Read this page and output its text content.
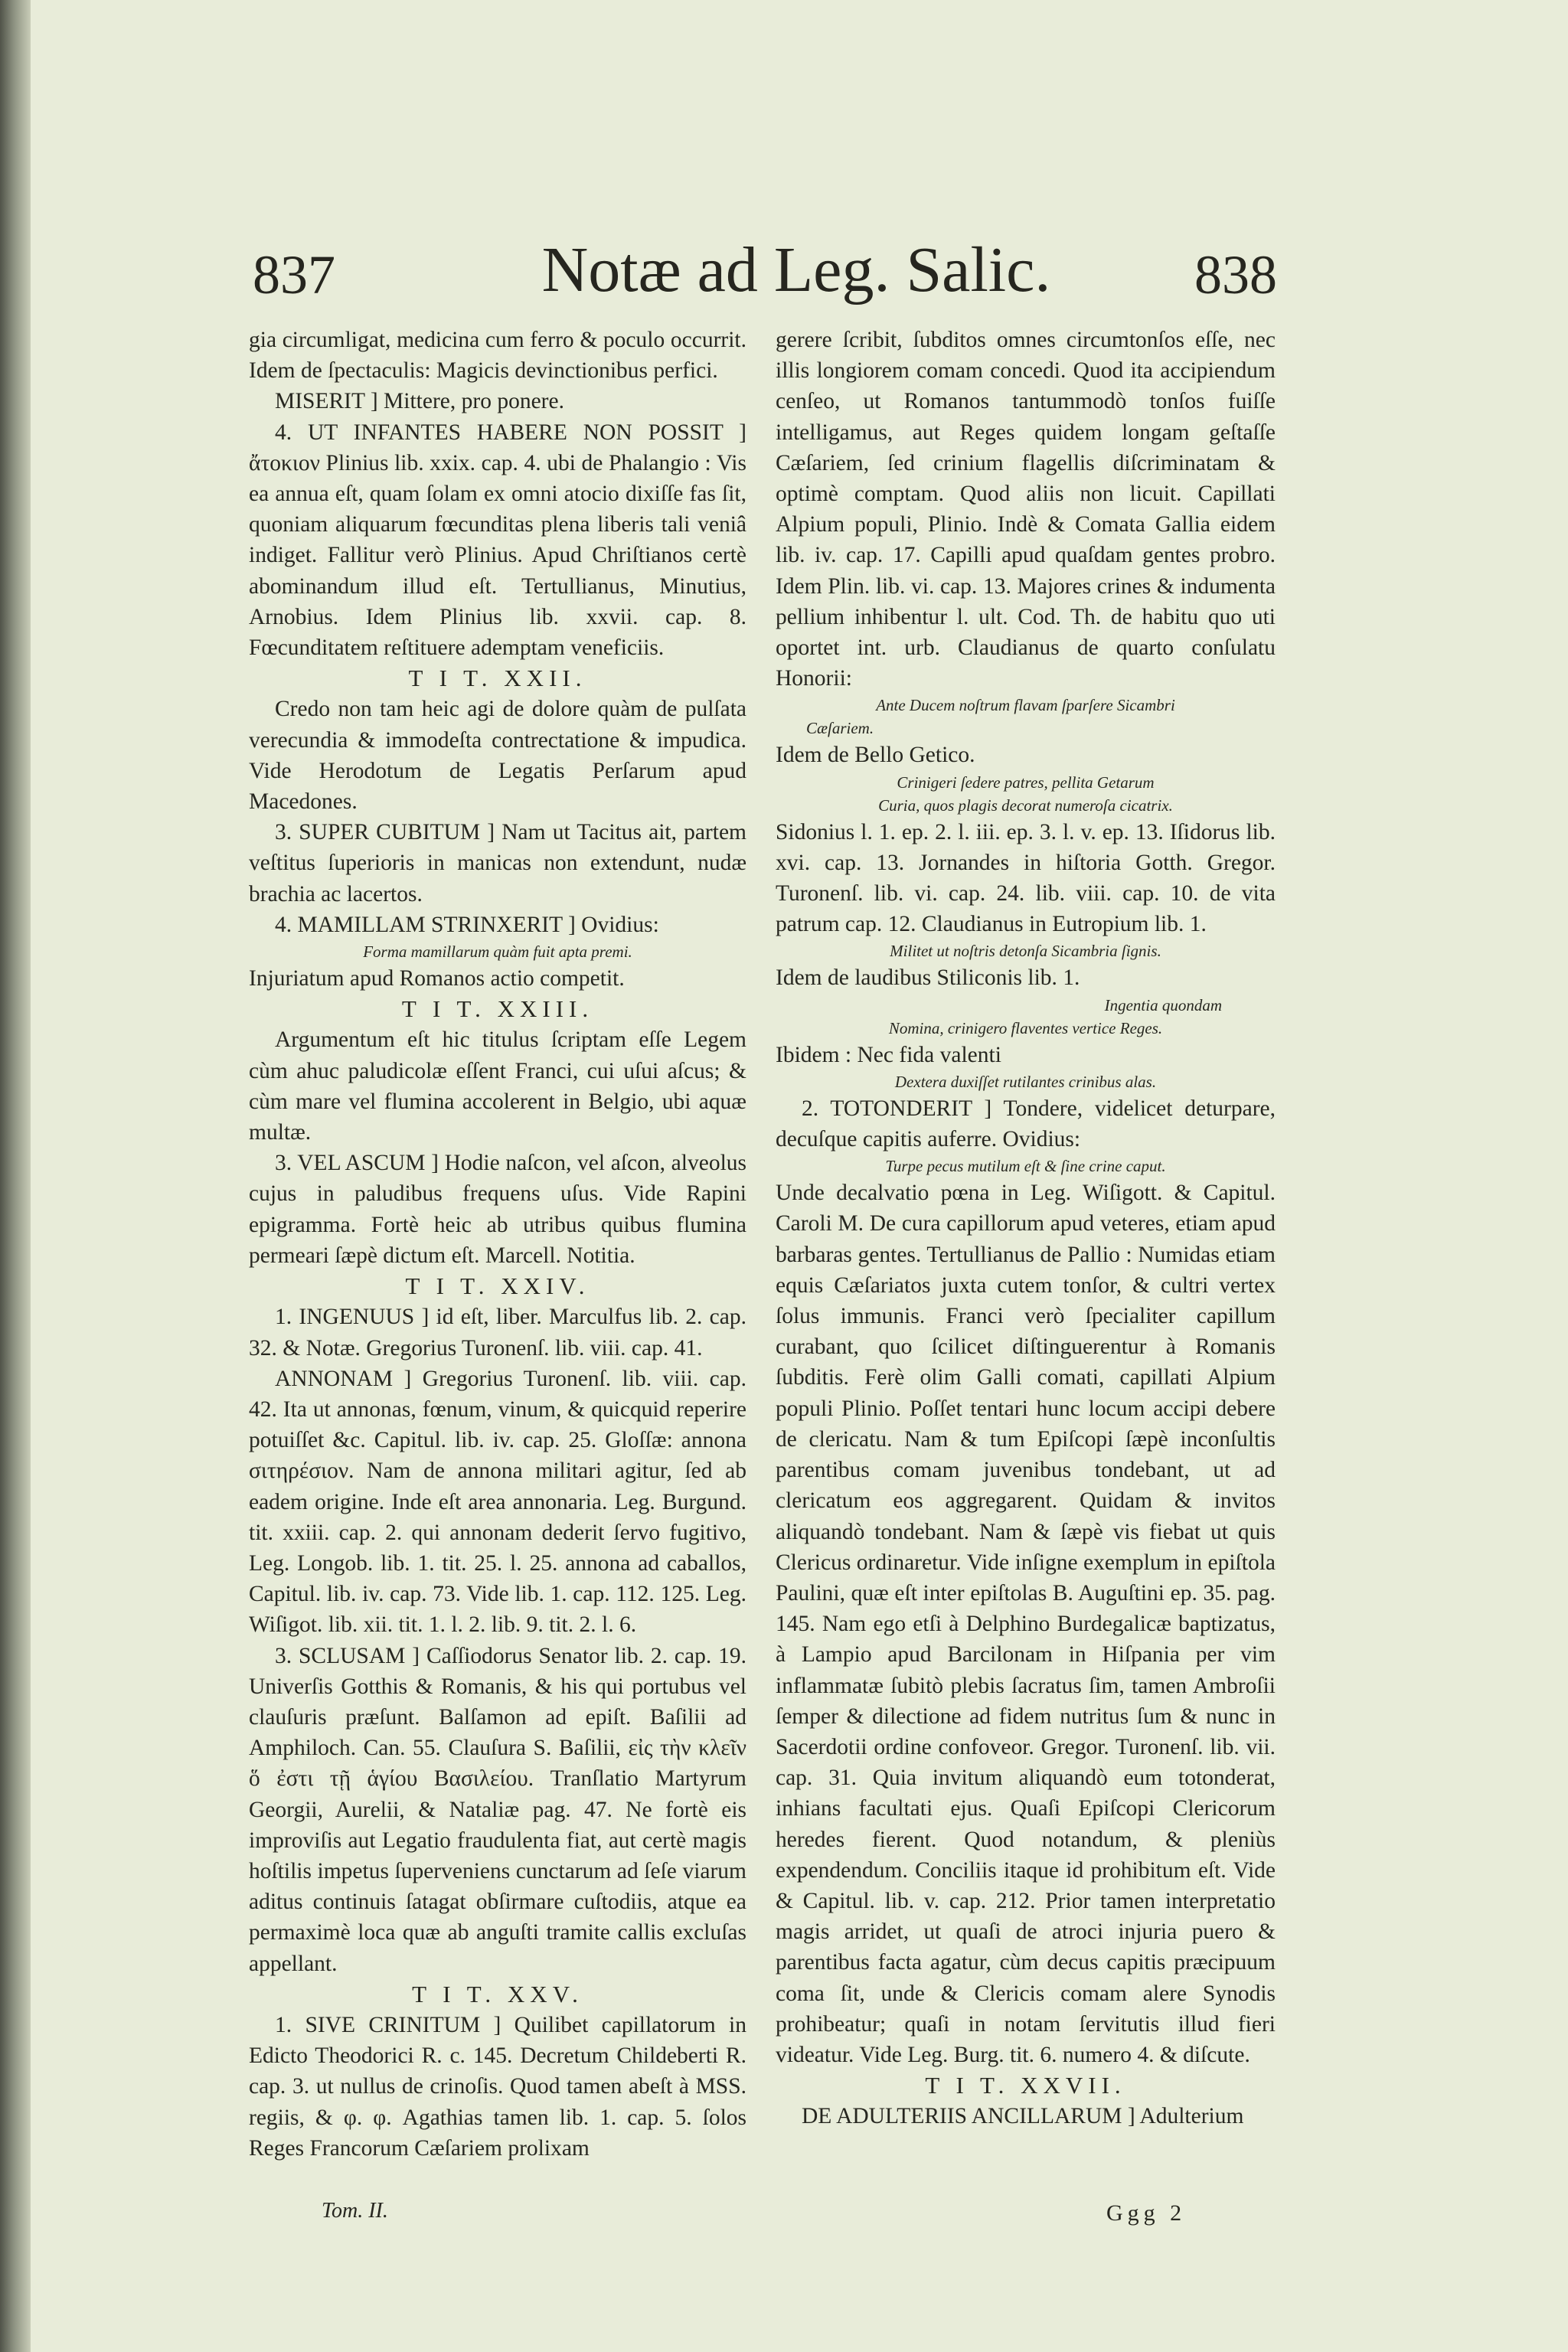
837	Notæ ad Leg. Salic.	838

gia circumligat, medicina cum ferro & poculo occurrit. Idem de ſpectaculis: Magicis devinctionibus perfici.

MISERIT ] Mittere, pro ponere.

4. UT INFANTES HABERE NON POSSIT ] ἄτοκιον Plinius lib. xxix. cap. 4. ubi de Phalangio : Vis ea annua eſt, quam ſolam ex omni atocio dixiſſe fas ſit, quoniam aliquarum fœcunditas plena liberis tali veniâ indiget. Fallitur verò Plinius. Apud Chriſtianos certè abominandum illud eſt. Tertullianus, Minutius, Arnobius. Idem Plinius lib. xxvii. cap. 8. Fœcunditatem reſtituere ademptam veneficiis.

T I T. XXII.

Credo non tam heic agi de dolore quàm de pulſata verecundia & immodeſta contrectatione & impudica. Vide Herodotum de Legatis Perſarum apud Macedones.

3. SUPER CUBITUM ] Nam ut Tacitus ait, partem veſtitus ſuperioris in manicas non extendunt, nudæ brachia ac lacertos.

4. MAMILLAM STRINXERIT ] Ovidius:

Forma mamillarum quàm fuit apta premi.

Injuriatum apud Romanos actio competit.

T I T. XXIII.

Argumentum eſt hic titulus ſcriptam eſſe Legem cùm ahuc paludicolæ eſſent Franci, cui uſui aſcus; & cùm mare vel flumina accolerent in Belgio, ubi aquæ multæ.

3. VEL ASCUM ] Hodie naſcon, vel aſcon, alveolus cujus in paludibus frequens uſus. Vide Rapini epigramma. Fortè heic ab utribus quibus flumina permeari ſæpè dictum eſt. Marcell. Notitia.

T I T. XXIV.

1. INGENUUS ] id eſt, liber. Marculfus lib. 2. cap. 32. & Notæ. Gregorius Turonenſ. lib. viii. cap. 41.

ANNONAM ] Gregorius Turonenſ. lib. viii. cap. 42. Ita ut annonas, fœnum, vinum, & quicquid reperire potuiſſet &c. Capitul. lib. iv. cap. 25. Gloſſæ: annona σιτηρέσιον. Nam de annona militari agitur, ſed ab eadem origine. Inde eſt area annonaria. Leg. Burgund. tit. xxiii. cap. 2. qui annonam dederit ſervo fugitivo, Leg. Longob. lib. 1. tit. 25. l. 25. annona ad caballos, Capitul. lib. iv. cap. 73. Vide lib. 1. cap. 112. 125. Leg. Wiſigot. lib. xii. tit. 1. l. 2. lib. 9. tit. 2. l. 6.

3. SCLUSAM ] Caſſiodorus Senator lib. 2. cap. 19. Univerſis Gotthis & Romanis, & his qui portubus vel clauſuris præſunt. Balſamon ad epiſt. Baſilii ad Amphiloch. Can. 55. Clauſura S. Baſilii, εἰς τὴν κλεῖν ὅ ἐστι τῇ ἁγίου Βασιλείου. Tranſlatio Martyrum Georgii, Aurelii, & Nataliæ pag. 47. Ne fortè eis improviſis aut Legatio fraudulenta fiat, aut certè magis hoſtilis impetus ſuperveniens cunctarum ad ſeſe viarum aditus continuis ſatagat obſirmare cuſtodiis, atque ea permaximè loca quæ ab anguſti tramite callis excluſas appellant.

T I T. XXV.

1. SIVE CRINITUM ] Quilibet capillatorum in Edicto Theodorici R. c. 145. Decretum Childeberti R. cap. 3. ut nullus de crinoſis. Quod tamen abeſt à MSS. regiis, & φ. φ. Agathias tamen lib. 1. cap. 5. ſolos Reges Francorum Cæſariem prolixam

gerere ſcribit, ſubditos omnes circumtonſos eſſe, nec illis longiorem comam concedi. Quod ita accipiendum cenſeo, ut Romanos tantummodò tonſos fuiſſe intelligamus, aut Reges quidem longam geſtaſſe Cæſariem, ſed crinium flagellis diſcriminatam & optimè comptam. Quod aliis non licuit. Capillati Alpium populi, Plinio. Indè & Comata Gallia eidem lib. iv. cap. 17. Capilli apud quaſdam gentes probro. Idem Plin. lib. vi. cap. 13. Majores crines & indumenta pellium inhibentur l. ult. Cod. Th. de habitu quo uti oportet int. urb. Claudianus de quarto conſulatu Honorii:

Ante Ducem noſtrum flavam ſparſere Sicambri

Cæſariem.

Idem de Bello Getico.

Crinigeri ſedere patres, pellita Getarum

Curia, quos plagis decorat numeroſa cicatrix.

Sidonius l. 1. ep. 2. l. iii. ep. 3. l. v. ep. 13. Iſidorus lib. xvi. cap. 13. Jornandes in hiſtoria Gotth. Gregor. Turonenſ. lib. vi. cap. 24. lib. viii. cap. 10. de vita patrum cap. 12. Claudianus in Eutropium lib. 1.

Militet ut noſtris detonſa Sicambria ſignis.

Idem de laudibus Stiliconis lib. 1.

Ingentia quondam

Nomina, crinigero flaventes vertice Reges.

Ibidem : Nec fida valenti

Dextera duxiſſet rutilantes crinibus alas.

2. TOTONDERIT ] Tondere, videlicet deturpare, decuſque capitis auferre. Ovidius:

Turpe pecus mutilum eſt & ſine crine caput.

Unde decalvatio pœna in Leg. Wiſigott. & Capitul. Caroli M. De cura capillorum apud veteres, etiam apud barbaras gentes. Tertullianus de Pallio : Numidas etiam equis Cæſariatos juxta cutem tonſor, & cultri vertex ſolus immunis. Franci verò ſpecialiter capillum curabant, quo ſcilicet diſtinguerentur à Romanis ſubditis. Ferè olim Galli comati, capillati Alpium populi Plinio. Poſſet tentari hunc locum accipi debere de clericatu. Nam & tum Epiſcopi ſæpè inconſultis parentibus comam juvenibus tondebant, ut ad clericatum eos aggregarent. Quidam & invitos aliquandò tondebant. Nam & ſæpè vis fiebat ut quis Clericus ordinaretur. Vide inſigne exemplum in epiſtola Paulini, quæ eſt inter epiſtolas B. Auguſtini ep. 35. pag. 145. Nam ego etſi à Delphino Burdegalicæ baptizatus, à Lampio apud Barcilonam in Hiſpania per vim inflammatæ ſubitò plebis ſacratus ſim, tamen Ambroſii ſemper & dilectione ad fidem nutritus ſum & nunc in Sacerdotii ordine confoveor. Gregor. Turonenſ. lib. vii. cap. 31. Quia invitum aliquandò eum totonderat, inhians facultati ejus. Quaſi Epiſcopi Clericorum heredes fierent. Quod notandum, & pleniùs expendendum. Conciliis itaque id prohibitum eſt. Vide & Capitul. lib. v. cap. 212. Prior tamen interpretatio magis arridet, ut quaſi de atroci injuria puero & parentibus facta agatur, cùm decus capitis præcipuum coma ſit, unde & Clericis comam alere Synodis prohibeatur; quaſi in notam ſervitutis illud fieri videatur. Vide Leg. Burg. tit. 6. numero 4. & diſcute.

T I T. XXVII.

DE ADULTERIIS ANCILLARUM ] Adulterium

Tom. II.	Ggg 2
